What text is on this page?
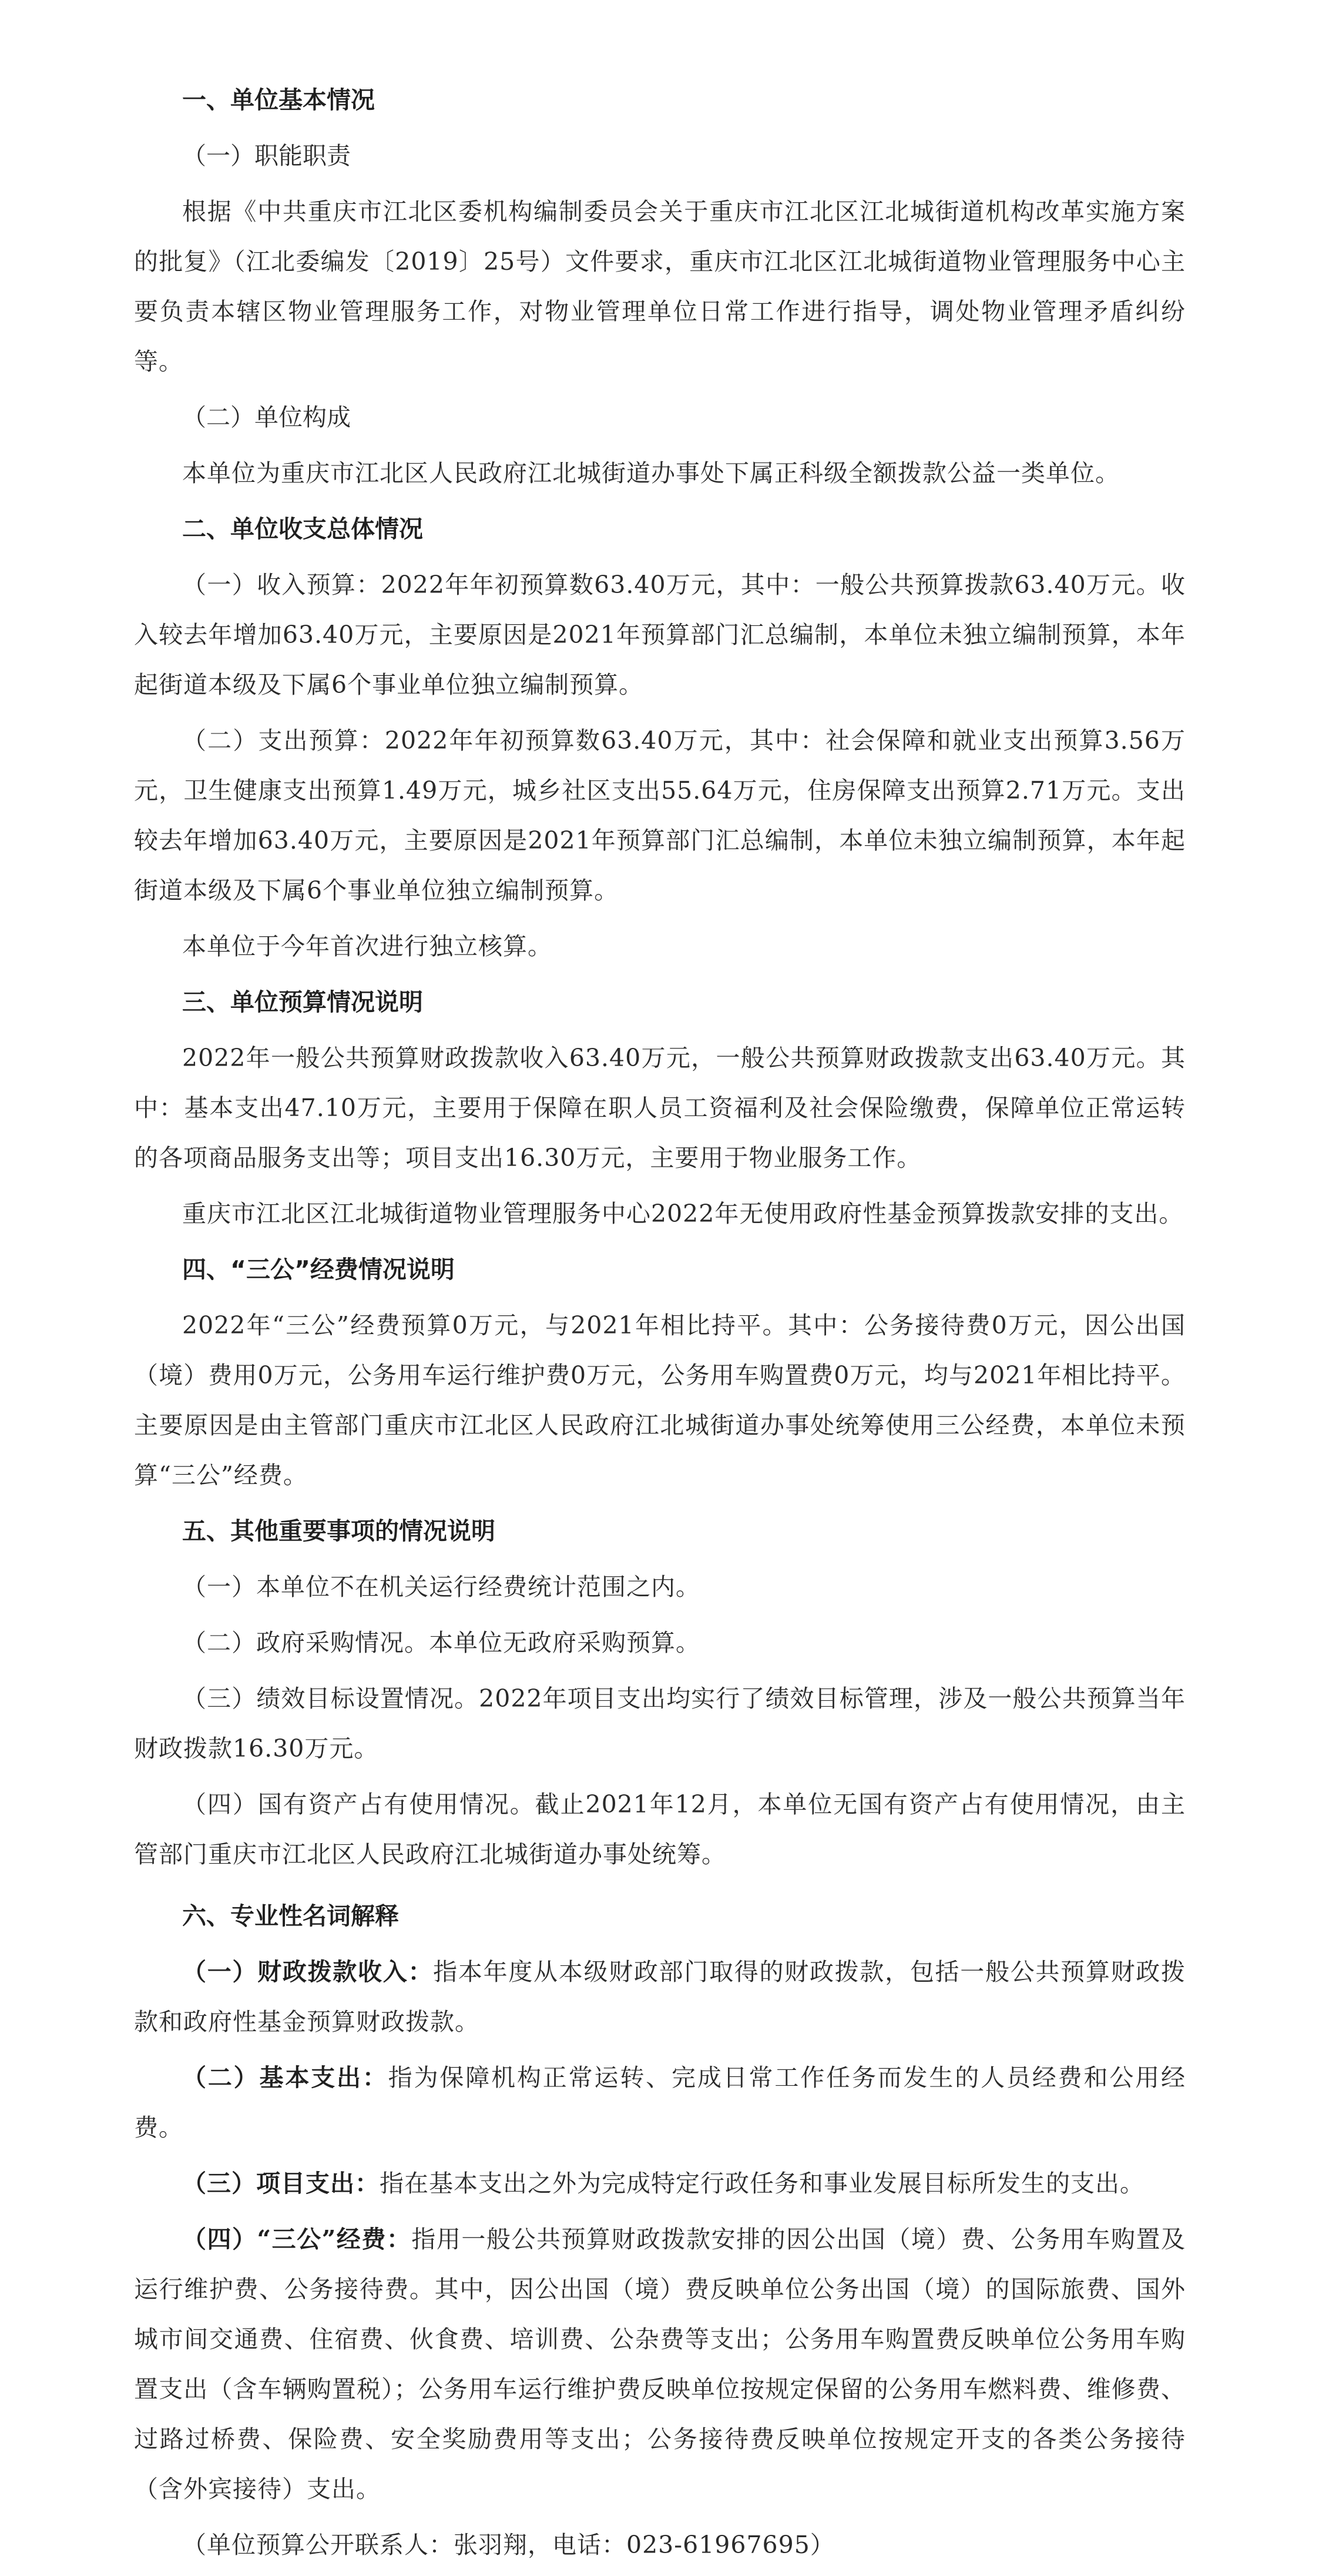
一、单位基本情况
（一）职能职责
根据《中共重庆市江北区委机构编制委员会关于重庆市江北区江北城街道机构改革实施方案的批复》（江北委编发〔2019〕25号）文件要求，重庆市江北区江北城街道物业管理服务中心主要负责本辖区物业管理服务工作，对物业管理单位日常工作进行指导，调处物业管理矛盾纠纷等。
（二）单位构成
本单位为重庆市江北区人民政府江北城街道办事处下属正科级全额拨款公益一类单位。
二、单位收支总体情况
（一）收入预算：2022年年初预算数63.40万元，其中：一般公共预算拨款63.40万元。收入较去年增加63.40万元，主要原因是2021年预算部门汇总编制，本单位未独立编制预算，本年起街道本级及下属6个事业单位独立编制预算。
（二）支出预算：2022年年初预算数63.40万元，其中：社会保障和就业支出预算3.56万元，卫生健康支出预算1.49万元，城乡社区支出55.64万元，住房保障支出预算2.71万元。支出较去年增加63.40万元，主要原因是2021年预算部门汇总编制，本单位未独立编制预算，本年起街道本级及下属6个事业单位独立编制预算。
本单位于今年首次进行独立核算。
三、单位预算情况说明
2022年一般公共预算财政拨款收入63.40万元，一般公共预算财政拨款支出63.40万元。其中：基本支出47.10万元，主要用于保障在职人员工资福利及社会保险缴费，保障单位正常运转的各项商品服务支出等；项目支出16.30万元，主要用于物业服务工作。
重庆市江北区江北城街道物业管理服务中心2022年无使用政府性基金预算拨款安排的支出。
四、“三公”经费情况说明
2022年“三公”经费预算0万元，与2021年相比持平。其中：公务接待费0万元，因公出国（境）费用0万元，公务用车运行维护费0万元，公务用车购置费0万元，均与2021年相比持平。主要原因是由主管部门重庆市江北区人民政府江北城街道办事处统筹使用三公经费，本单位未预算“三公”经费。
五、其他重要事项的情况说明
（一）本单位不在机关运行经费统计范围之内。
（二）政府采购情况。本单位无政府采购预算。
（三）绩效目标设置情况。2022年项目支出均实行了绩效目标管理，涉及一般公共预算当年财政拨款16.30万元。
（四）国有资产占有使用情况。截止2021年12月，本单位无国有资产占有使用情况，由主管部门重庆市江北区人民政府江北城街道办事处统筹。
六、专业性名词解释
（一）财政拨款收入：指本年度从本级财政部门取得的财政拨款，包括一般公共预算财政拨款和政府性基金预算财政拨款。
（二）基本支出：指为保障机构正常运转、完成日常工作任务而发生的人员经费和公用经费。
（三）项目支出：指在基本支出之外为完成特定行政任务和事业发展目标所发生的支出。
（四）“三公”经费：指用一般公共预算财政拨款安排的因公出国（境）费、公务用车购置及运行维护费、公务接待费。其中，因公出国（境）费反映单位公务出国（境）的国际旅费、国外城市间交通费、住宿费、伙食费、培训费、公杂费等支出；公务用车购置费反映单位公务用车购置支出（含车辆购置税）；公务用车运行维护费反映单位按规定保留的公务用车燃料费、维修费、过路过桥费、保险费、安全奖励费用等支出；公务接待费反映单位按规定开支的各类公务接待（含外宾接待）支出。
（单位预算公开联系人：张羽翔，电话：023-61967695）
